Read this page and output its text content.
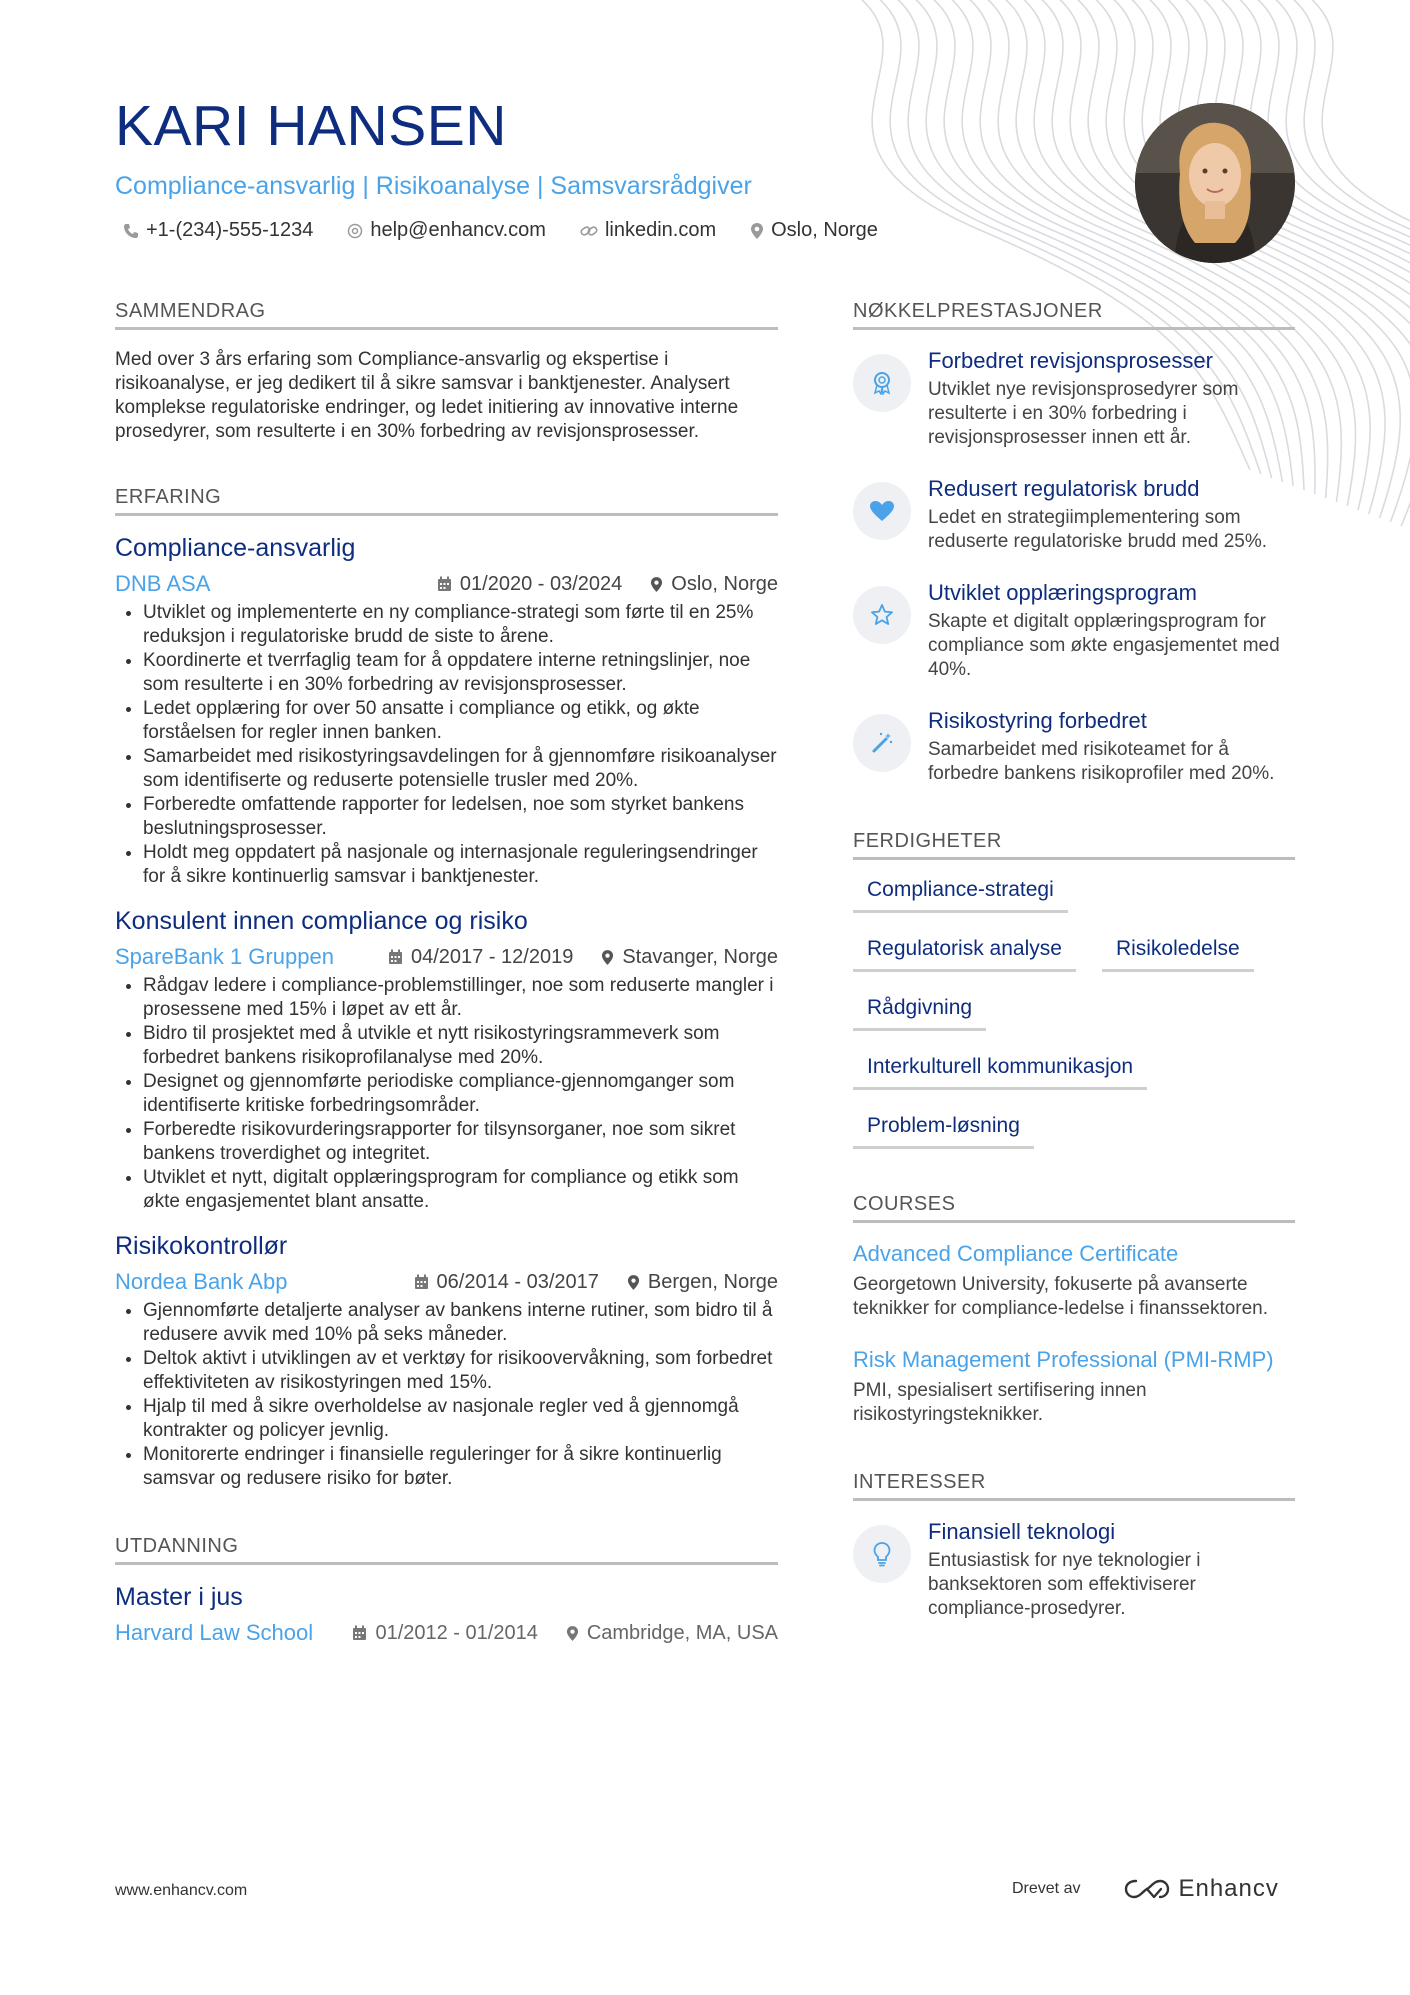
KARI HANSEN
Compliance-ansvarlig | Risikoanalyse | Samsvarsrådgiver
+1-(234)-555-1234	help@enhancv.com	linkedin.com	Oslo, Norge
SAMMENDRAG

Med over 3 års erfaring som Compliance-ansvarlig og ekspertise i risikoanalyse, er jeg dedikert til å sikre samsvar i banktjenester. Analysert komplekse regulatoriske endringer, og ledet initiering av innovative interne prosedyrer, som resulterte i en 30% forbedring av revisjonsprosesser.

ERFARING
Compliance-ansvarlig
DNB ASA	01/2020 - 03/2024 Oslo, Norge
• Utviklet og implementerte en ny compliance-strategi som førte til en 25% reduksjon i regulatoriske brudd de siste to årene.
• Koordinerte et tverrfaglig team for å oppdatere interne retningslinjer, noe som resulterte i en 30% forbedring av revisjonsprosesser.
• Ledet opplæring for over 50 ansatte i compliance og etikk, og økte forståelsen for regler innen banken.
• Samarbeidet med risikostyringsavdelingen for å gjennomføre risikoanalyser som identifiserte og reduserte potensielle trusler med 20%.
• Forberedte omfattende rapporter for ledelsen, noe som styrket bankens beslutningsprosesser.
• Holdt meg oppdatert på nasjonale og internasjonale reguleringsendringer for å sikre kontinuerlig samsvar i banktjenester.
Konsulent innen compliance og risiko
SpareBank 1 Gruppen	04/2017 - 12/2019 Stavanger, Norge
• Rådgav ledere i compliance-problemstillinger, noe som reduserte mangler i prosessene med 15% i løpet av ett år.
• Bidro til prosjektet med å utvikle et nytt risikostyringsrammeverk som forbedret bankens risikoprofilanalyse med 20%.
• Designet og gjennomførte periodiske compliance-gjennomganger som identifiserte kritiske forbedringsområder.
• Forberedte risikovurderingsrapporter for tilsynsorganer, noe som sikret bankens troverdighet og integritet.
• Utviklet et nytt, digitalt opplæringsprogram for compliance og etikk som økte engasjementet blant ansatte.
Risikokontrollør
Nordea Bank Abp	06/2014 - 03/2017 Bergen, Norge
• Gjennomførte detaljerte analyser av bankens interne rutiner, som bidro til å redusere avvik med 10% på seks måneder.
• Deltok aktivt i utviklingen av et verktøy for risikoovervåkning, som forbedret effektiviteten av risikostyringen med 15%.
• Hjalp til med å sikre overholdelse av nasjonale regler ved å gjennomgå kontrakter og policyer jevnlig.
• Monitorerte endringer i finansielle reguleringer for å sikre kontinuerlig samsvar og redusere risiko for bøter.
UTDANNING
Master i jus
Harvard Law School	01/2012 - 01/2014 Cambridge, MA, USA
NØKKELPRESTASJONER
Forbedret revisjonsprosesser
Utviklet nye revisjonsprosedyrer som resulterte i en 30% forbedring i revisjonsprosesser innen ett år.
Redusert regulatorisk brudd
Ledet en strategiimplementering som reduserte regulatoriske brudd med 25%.
Utviklet opplæringsprogram
Skapte et digitalt opplæringsprogram for compliance som økte engasjementet med 40%.
Risikostyring forbedret
Samarbeidet med risikoteamet for å forbedre bankens risikoprofiler med 20%.
FERDIGHETER
Compliance-strategi
Regulatorisk analyse	Risikoledelse
Rådgivning
Interkulturell kommunikasjon
Problem-løsning
COURSES
Advanced Compliance Certificate
Georgetown University, fokuserte på avanserte teknikker for compliance-ledelse i finanssektoren.
Risk Management Professional (PMI-RMP)
PMI, spesialisert sertifisering innen risikostyringsteknikker.
INTERESSER
Finansiell teknologi
Entusiastisk for nye teknologier i banksektoren som effektiviserer compliance-prosedyrer.
www.enhancv.com	Drevet av	Enhancv
